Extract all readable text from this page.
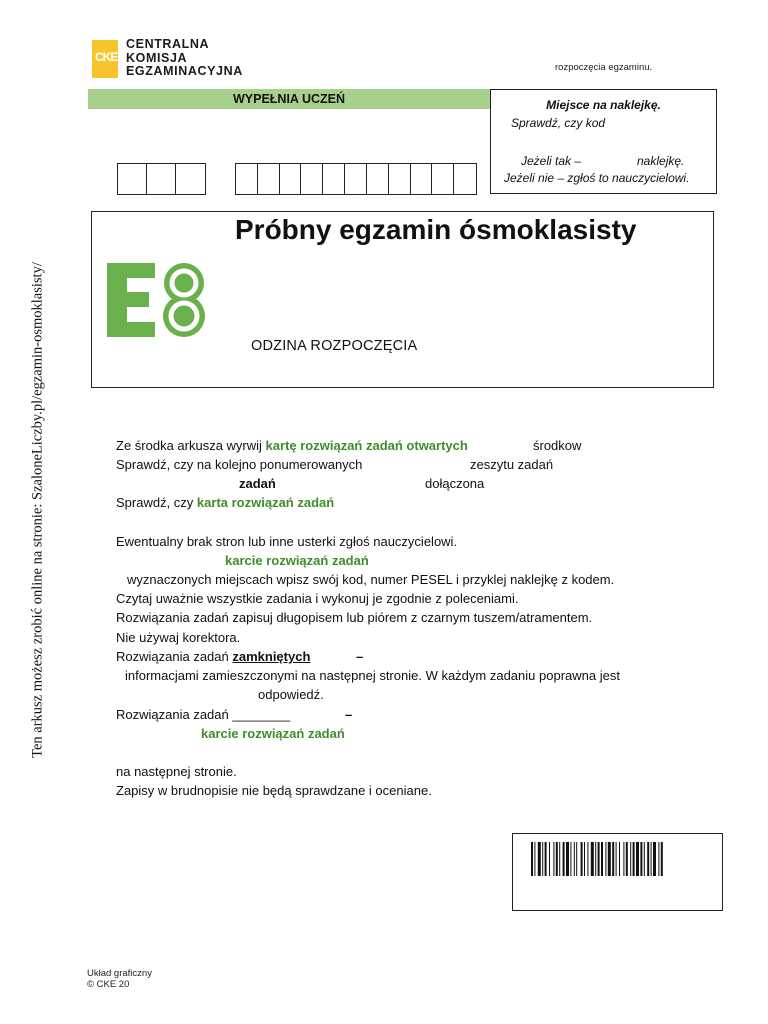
CKE
CENTRALNA
KOMISJA
EGZAMINACYJNA	rozpoczęcia egzaminu.
WYPEŁNIA UCZEŃ	Miejsce na naklejkę.
Sprawdź, czy kod
Jeżeli tak –	naklejkę.
Jeżeli nie – zgłoś to nauczycielowi.
Próbny egzamin ósmoklasisty
ODZINA ROZPOCZĘCIA
Ten arkusz możesz zrobić online na stronie: SzaloneLiczby.pl/egzamin-osmoklasisty/	Ze środka arkusza wyrwij kartę rozwiązań zadań otwartych	środkow
Sprawdź, czy na kolejno ponumerowanych	zeszytu zadań
zadań	dołączona
Sprawdź, czy karta rozwiązań zadań
Ewentualny brak stron lub inne usterki zgłoś nauczycielowi.
karcie rozwiązań zadań
wyznaczonych miejscach wpisz swój kod, numer PESEL i przyklej naklejkę z kodem.
Czytaj uważnie wszystkie zadania i wykonuj je zgodnie z poleceniami.
Rozwiązania zadań zapisuj długopisem lub piórem z czarnym tuszem/atramentem.
Nie używaj korektora.
Rozwiązania zadań zamkniętych	–
informacjami zamieszczonymi na następnej stronie. W każdym zadaniu poprawna jest
odpowiedź.
Rozwiązania zadań ________	–
karcie rozwiązań zadań
na następnej stronie.
Zapisy w brudnopisie nie będą sprawdzane i oceniane.
Układ graficzny
© CKE 20
